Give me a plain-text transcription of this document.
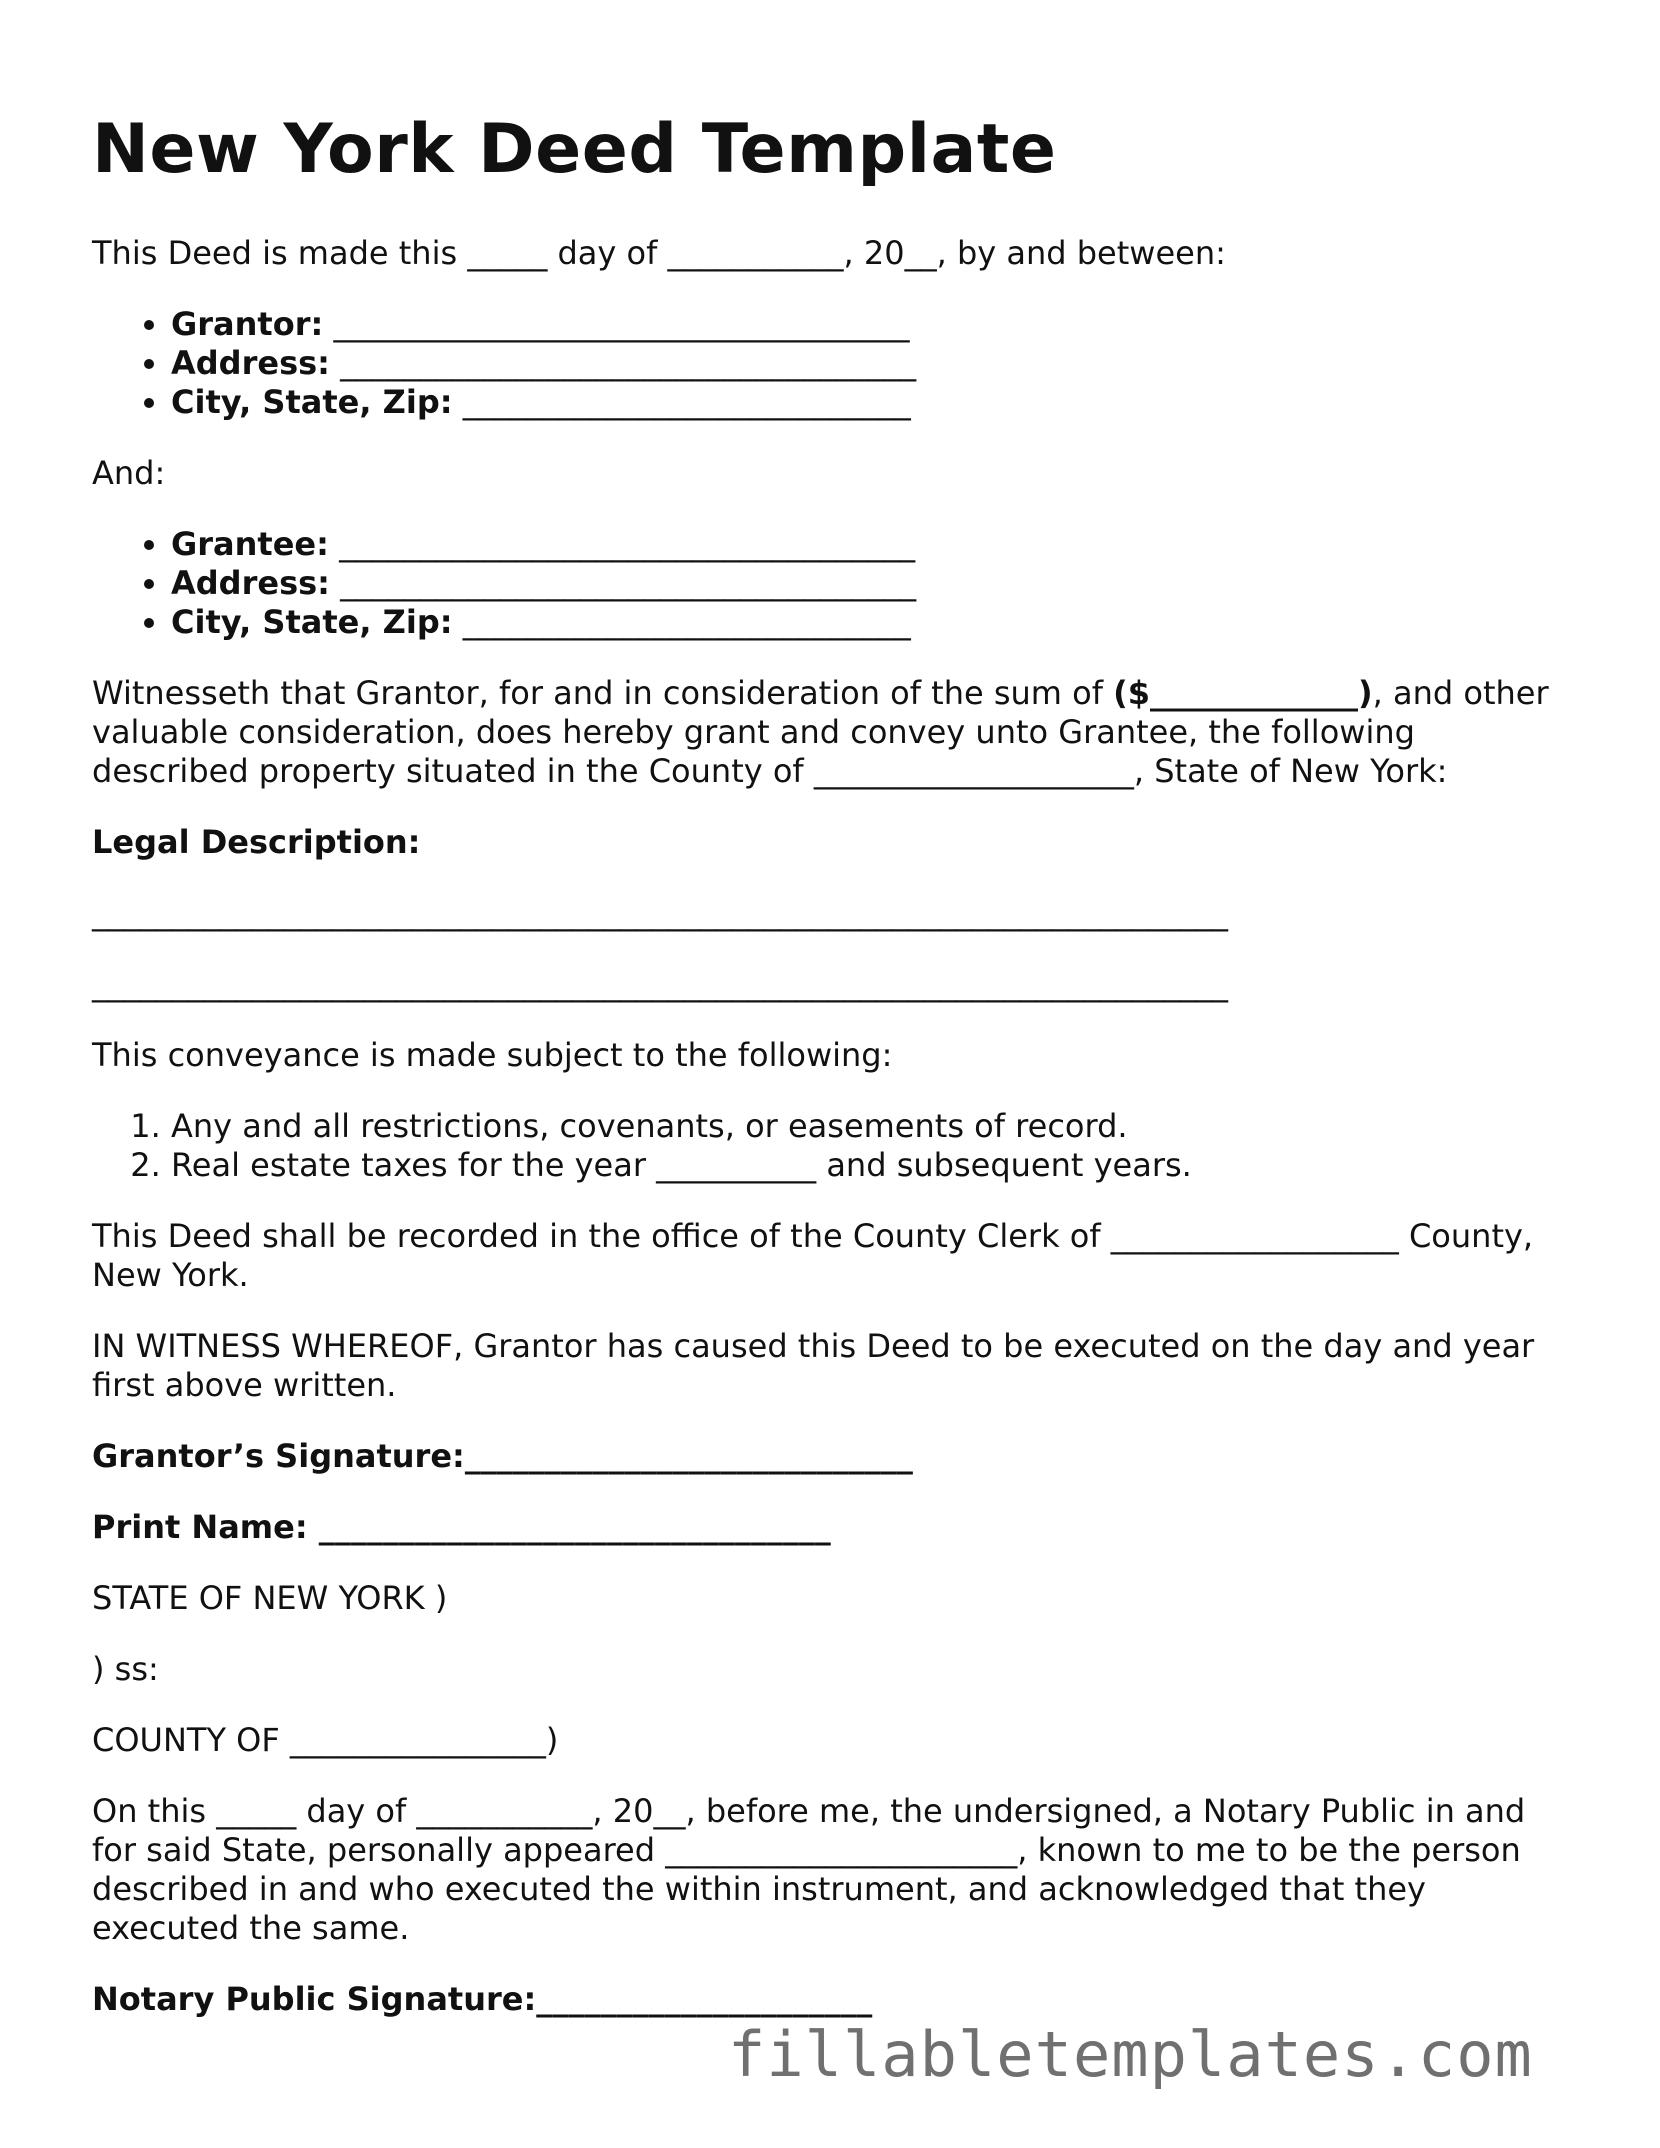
New York Deed Template

This Deed is made this _____ day of ___________, 20__, by and between:

• Grantor: ____________________________________
• Address: ____________________________________
• City, State, Zip: ____________________________

And:

• Grantee: ____________________________________
• Address: ____________________________________
• City, State, Zip: ____________________________

Witnesseth that Grantor, for and in consideration of the sum of ($_____________), and other valuable consideration, does hereby grant and convey unto Grantee, the following described property situated in the County of ____________________, State of New York:

Legal Description:

_______________________________________________________________________

_______________________________________________________________________

This conveyance is made subject to the following:

1. Any and all restrictions, covenants, or easements of record.
2. Real estate taxes for the year __________ and subsequent years.

This Deed shall be recorded in the office of the County Clerk of __________________ County, New York.

IN WITNESS WHEREOF, Grantor has caused this Deed to be executed on the day and year first above written.

Grantor’s Signature:____________________________

Print Name: ________________________________

STATE OF NEW YORK )

) ss:

COUNTY OF ________________)

On this _____ day of ___________, 20__, before me, the undersigned, a Notary Public in and for said State, personally appeared ______________________, known to me to be the person described in and who executed the within instrument, and acknowledged that they executed the same.

Notary Public Signature:_____________________

fillabletemplates.com
